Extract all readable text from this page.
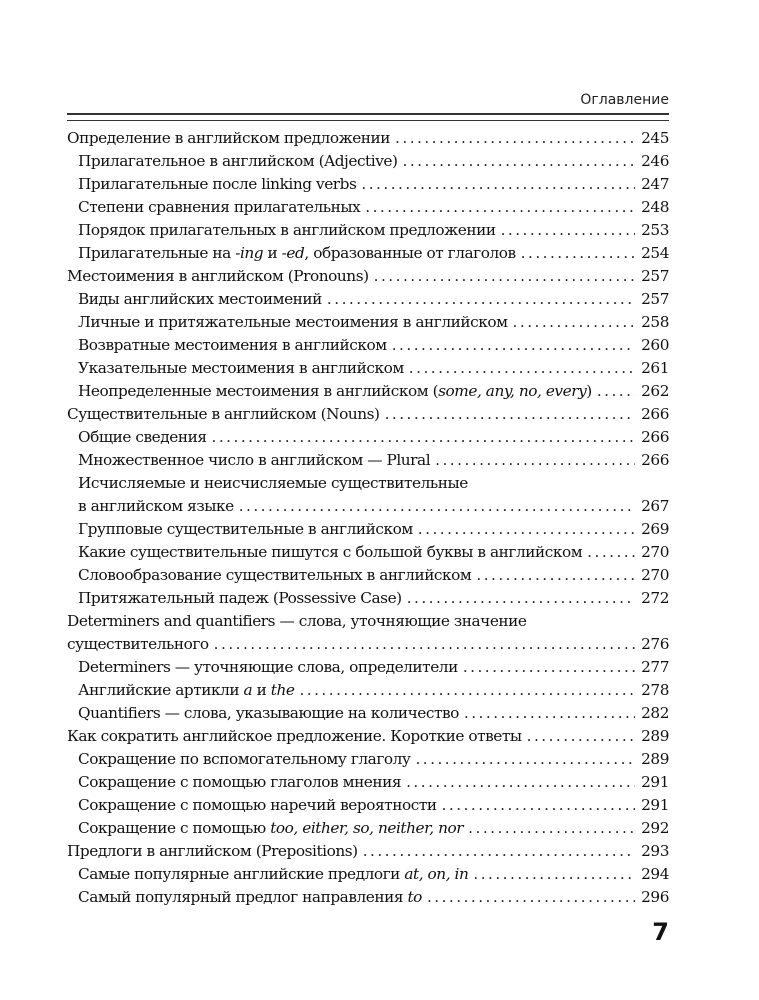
Оглавление
Определение в английском предложении . . .	245
Прилагательное в английском (Adjective) . . .	246
Прилагательные после linking verbs . . .	247
Степени сравнения прилагательных . . .	248
Порядок прилагательных в английском предложении . . .	253
Прилагательные на -ing и -ed, образованные от глаголов . . .	254
Местоимения в английском (Pronouns) . . .	257
Виды английских местоимений . . .	257
Личные и притяжательные местоимения в английском . . .	258
Возвратные местоимения в английском . . .	260
Указательные местоимения в английском . . .	261
Неопределенные местоимения в английском (some, any, no, every) . . .	262
Существительные в английском (Nouns) . . .	266
Общие сведения . . .	266
Множественное число в английском — Plural . . .	266
Исчисляемые и неисчисляемые существительные
в английском языке . . .	267
Групповые существительные в английском . . .	269
Какие существительные пишутся с большой буквы в английском . . .	270
Словообразование существительных в английском . . .	270
Притяжательный падеж (Possessive Case) . . .	272
Determiners and quantifiers — слова, уточняющие значение
существительного . . .	276
Determiners — уточняющие слова, определители . . .	277
Английские артикли a и the . . .	278
Quantifiers — слова, указывающие на количество . . .	282
Как сократить английское предложение. Короткие ответы . . .	289
Сокращение по вспомогательному глаголу . . .	289
Сокращение с помощью глаголов мнения . . .	291
Сокращение с помощью наречий вероятности . . .	291
Сокращение с помощью too, either, so, neither, nor . . .	292
Предлоги в английском (Prepositions) . . .	293
Самые популярные английские предлоги at, on, in . . .	294
Самый популярный предлог направления to . . .	296
7
